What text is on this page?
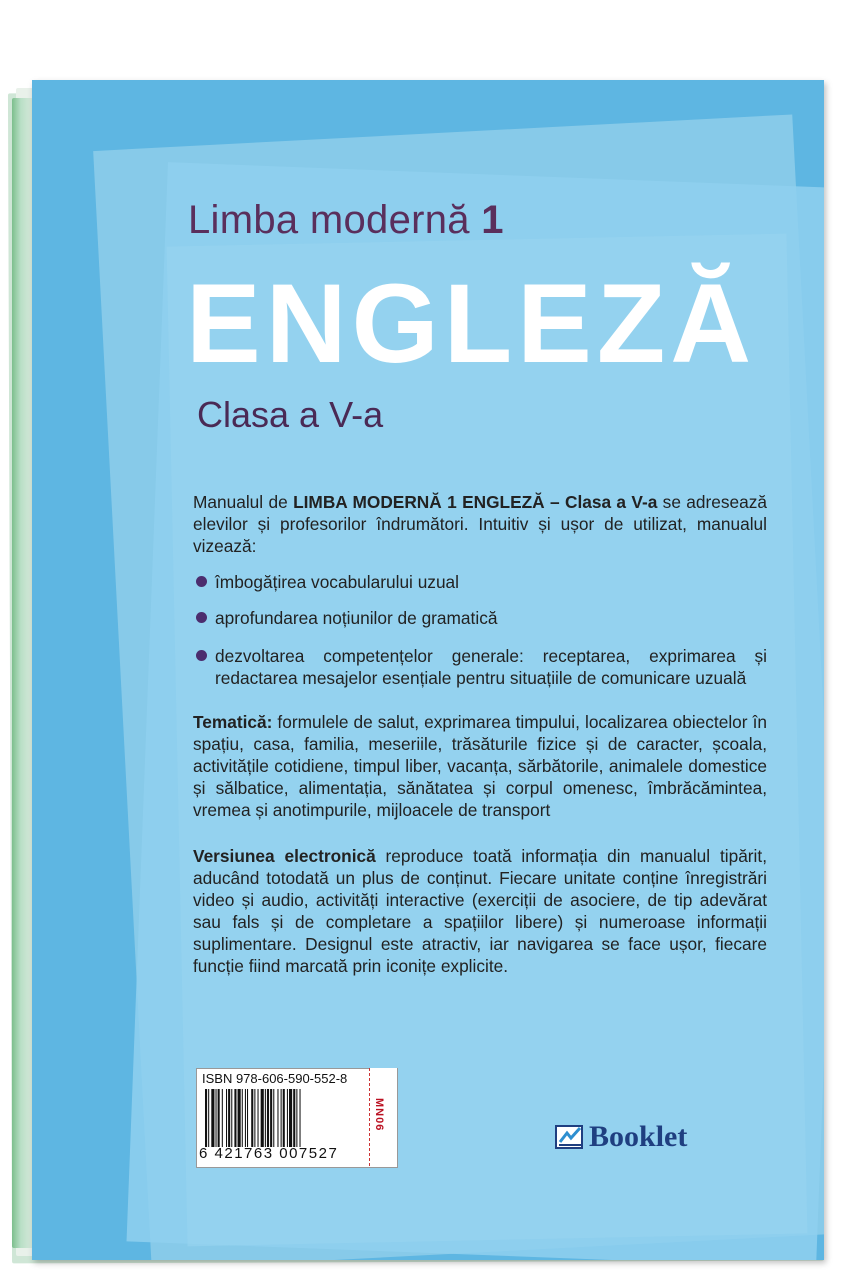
Limba modernă 1
ENGLEZĂ
Clasa a V-a

Manualul de LIMBA MODERNĂ 1 ENGLEZĂ – Clasa a V-a se adresează elevilor și profesorilor îndrumători. Intuitiv și ușor de utilizat, manualul vizează:

îmbogățirea vocabularului uzual
aprofundarea noțiunilor de gramatică
dezvoltarea competențelor generale: receptarea, exprimarea și redactarea mesajelor esențiale pentru situațiile de comunicare uzuală

Tematică: formulele de salut, exprimarea timpului, localizarea obiectelor în spațiu, casa, familia, meseriile, trăsăturile fizice și de caracter, școala, activitățile cotidiene, timpul liber, vacanța, sărbătorile, animalele domestice și sălbatice, alimentația, sănătatea și corpul omenesc, îmbrăcămintea, vremea și anotimpurile, mijloacele de transport

Versiunea electronică reproduce toată informația din manualul tipărit, aducând totodată un plus de conținut. Fiecare unitate conține înregistrări video și audio, activități interactive (exerciții de asociere, de tip adevărat sau fals și de completare a spațiilor libere) și numeroase informații suplimentare. Designul este atractiv, iar navigarea se face ușor, fiecare funcție fiind marcată prin iconițe explicite.

ISBN 978-606-590-552-8
6 421763 007527
MN06
Booklet
